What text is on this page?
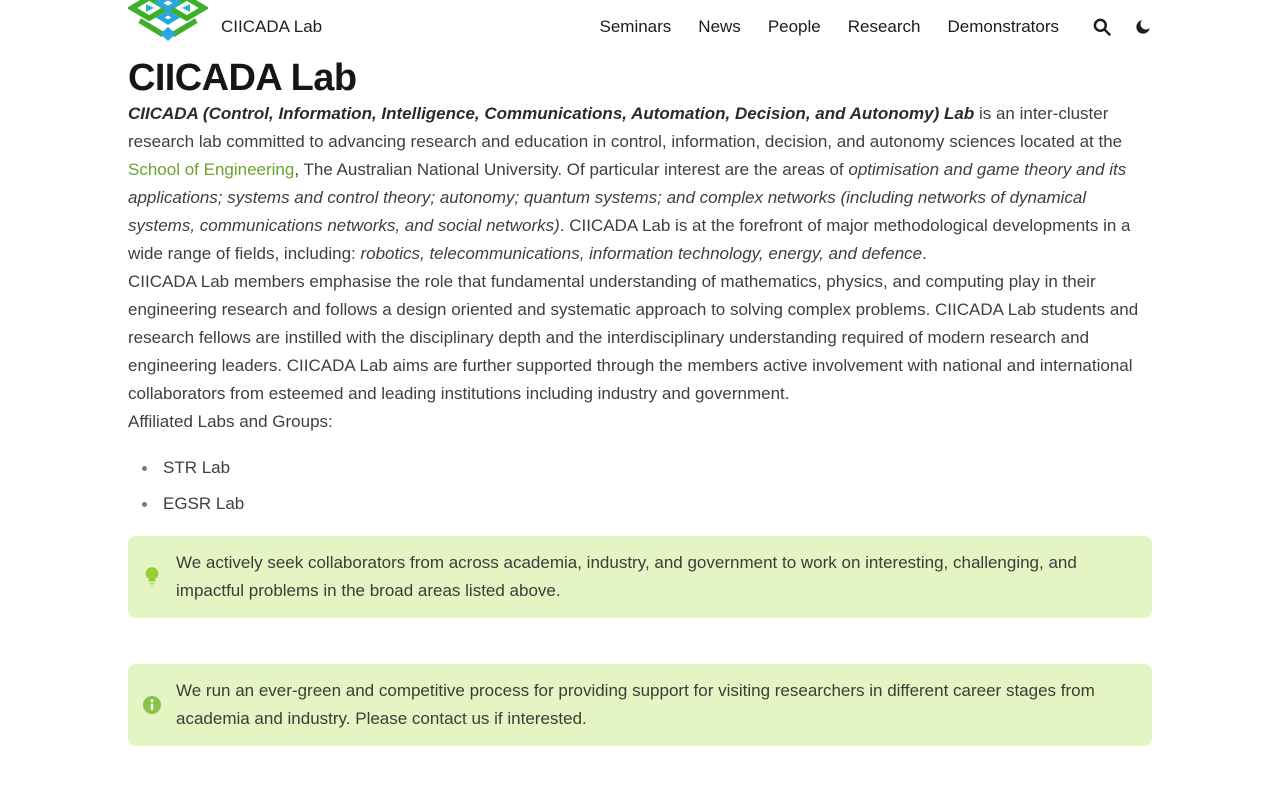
CIICADA Lab	Seminars News People Research Demonstrators
CIICADA Lab

CIICADA (Control, Information, Intelligence, Communications, Automation, Decision, and Autonomy) Lab is an inter-cluster research lab committed to advancing research and education in control, information, decision, and autonomy sciences located at the School of Engineering, The Australian National University. Of particular interest are the areas of optimisation and game theory and its applications; systems and control theory; autonomy; quantum systems; and complex networks (including networks of dynamical systems, communications networks, and social networks). CIICADA Lab is at the forefront of major methodological developments in a wide range of fields, including: robotics, telecommunications, information technology, energy, and defence.

CIICADA Lab members emphasise the role that fundamental understanding of mathematics, physics, and computing play in their engineering research and follows a design oriented and systematic approach to solving complex problems. CIICADA Lab students and research fellows are instilled with the disciplinary depth and the interdisciplinary understanding required of modern research and engineering leaders. CIICADA Lab aims are further supported through the members active involvement with national and international collaborators from esteemed and leading institutions including industry and government.

Affiliated Labs and Groups:

STR Lab
EGSR Lab
We actively seek collaborators from across academia, industry, and government to work on interesting, challenging, and impactful problems in the broad areas listed above.
We run an ever-green and competitive process for providing support for visiting researchers in different career stages from academia and industry. Please contact us if interested.
